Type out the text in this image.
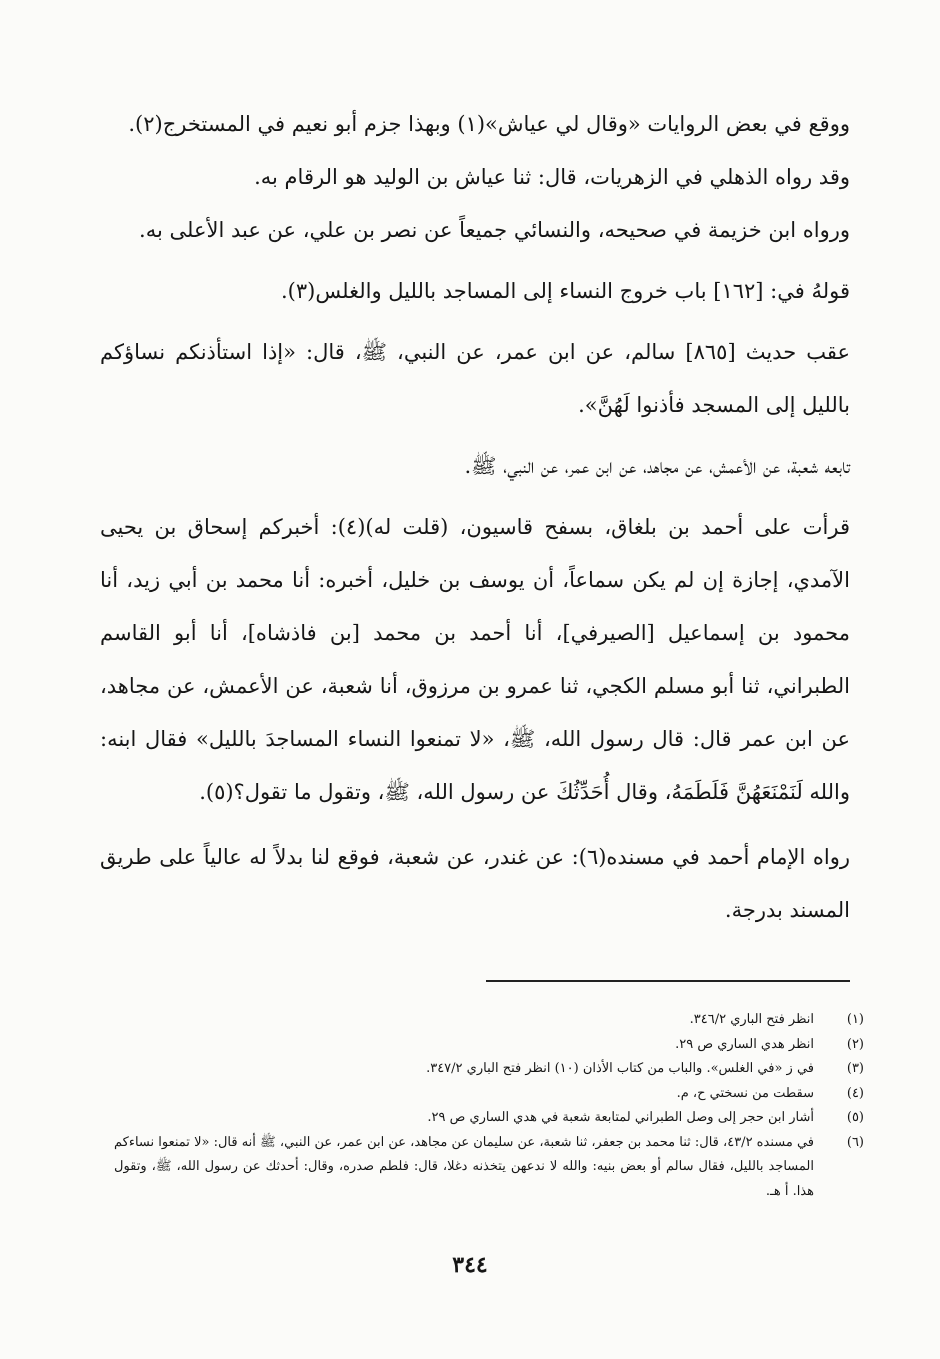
ووقع في بعض الروايات «وقال لي عياش»(١) وبهذا جزم أبو نعيم في المستخرج(٢).

وقد رواه الذهلي في الزهريات، قال: ثنا عياش بن الوليد هو الرقام به.

ورواه ابن خزيمة في صحيحه، والنسائي جميعاً عن نصر بن علي، عن عبد الأعلى به.

قولهُ في: [١٦٢] باب خروج النساء إلى المساجد بالليل والغلس(٣).

عقب حديث [٨٦٥] سالم، عن ابن عمر، عن النبي، ﷺ، قال: «إذا استأذنكم نساؤكم بالليل إلى المسجد فأذنوا لَهُنَّ».

تابعه شعبة، عن الأعمش، عن مجاهد، عن ابن عمر، عن النبي، ﷺ.

قرأت على أحمد بن بلغاق، بسفح قاسيون، (قلت له)(٤): أخبركم إسحاق بن يحيى الآمدي، إجازة إن لم يكن سماعاً، أن يوسف بن خليل، أخبره: أنا محمد بن أبي زيد، أنا محمود بن إسماعيل [الصيرفي]، أنا أحمد بن محمد [بن فاذشاه]، أنا أبو القاسم الطبراني، ثنا أبو مسلم الكجي، ثنا عمرو بن مرزوق، أنا شعبة، عن الأعمش، عن مجاهد، عن ابن عمر قال: قال رسول الله، ﷺ، «لا تمنعوا النساء المساجدَ بالليل» فقال ابنه: والله لَنَمْنَعَهُنَّ فَلَطَمَهُ، وقال أُحَدِّثُكَ عن رسول الله، ﷺ، وتقول ما تقول؟(٥).

رواه الإمام أحمد في مسنده(٦): عن غندر، عن شعبة، فوقع لنا بدلاً له عالياً على طريق المسند بدرجة.

(١)
انظر فتح الباري ٣٤٦/٢.
(٢)
انظر هدي الساري ص ٢٩.
(٣)
في ز «في الغلس». والباب من كتاب الأذان (١٠) انظر فتح الباري ٣٤٧/٢.
(٤)
سقطت من نسختي ح، م.
(٥)
أشار ابن حجر إلى وصل الطبراني لمتابعة شعبة في هدي الساري ص ٢٩.
(٦)
في مسنده ٤٣/٢، قال: ثنا محمد بن جعفر، ثنا شعبة، عن سليمان عن مجاهد، عن ابن عمر، عن النبي، ﷺ أنه قال: «لا تمنعوا نساءكم المساجد بالليل، فقال سالم أو بعض بنيه: والله لا ندعهن يتخذنه دغلا، قال: فلطم صدره، وقال: أحدثك عن رسول الله، ﷺ، وتقول هذا. أ هـ.
٣٤٤
